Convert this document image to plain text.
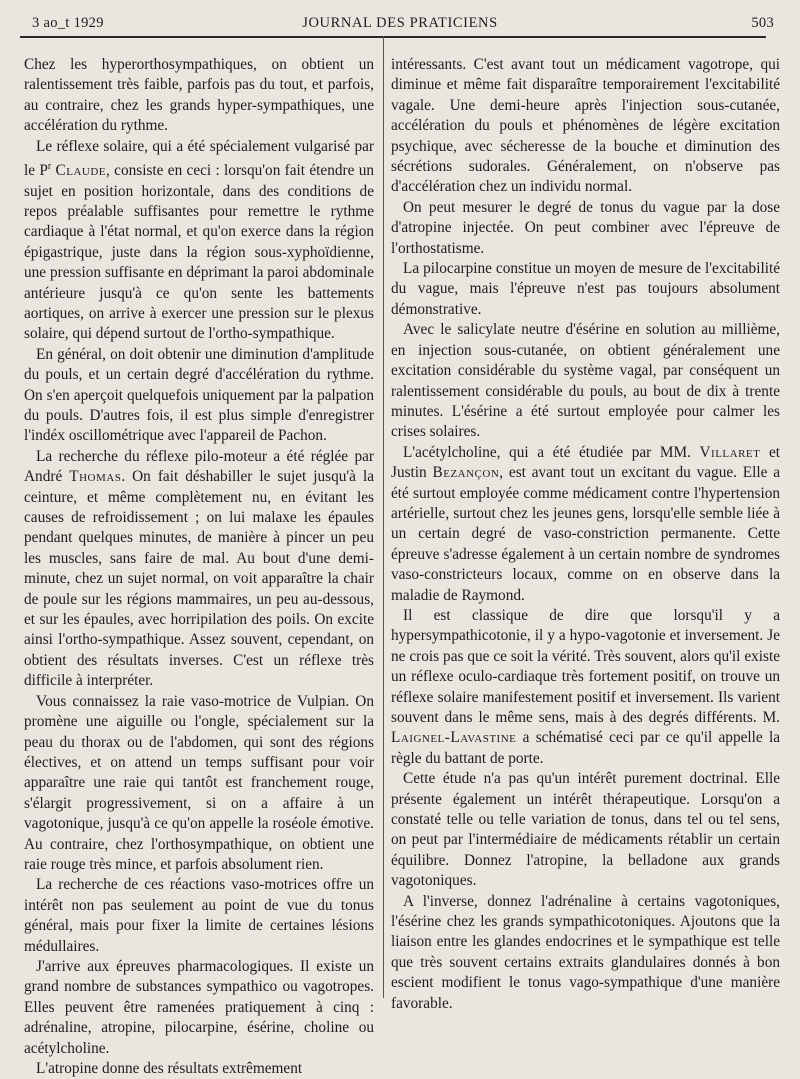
3 ao_t 1929	JOURNAL DES PRATICIENS	503

Chez les hyperorthosympathiques, on obtient un ralentissement très faible, parfois pas du tout, et parfois, au contraire, chez les grands hyper-sympathiques, une accélération du rythme.

Le réflexe solaire, qui a été spécialement vulgarisé par le $P^r$ Claude, consiste en ceci : lorsqu'on fait étendre un sujet en position horizontale, dans des conditions de repos préalable suffisantes pour remettre le rythme cardiaque à l'état normal, et qu'on exerce dans la région épigastrique, juste dans la région sous-xyphoïdienne, une pression suffisante en déprimant la paroi abdominale antérieure jusqu'à ce qu'on sente les battements aortiques, on arrive à exercer une pression sur le plexus solaire, qui dépend surtout de l'ortho-sympathique.

En général, on doit obtenir une diminution d'amplitude du pouls, et un certain degré d'accélération du rythme. On s'en aperçoit quelquefois uniquement par la palpation du pouls. D'autres fois, il est plus simple d'enregistrer l'indéx oscillométrique avec l'appareil de Pachon.

La recherche du réflexe pilo-moteur a été réglée par André Thomas. On fait déshabiller le sujet jusqu'à la ceinture, et même complètement nu, en évitant les causes de refroidissement ; on lui malaxe les épaules pendant quelques minutes, de manière à pincer un peu les muscles, sans faire de mal. Au bout d'une demi-minute, chez un sujet normal, on voit apparaître la chair de poule sur les régions mammaires, un peu au-dessous, et sur les épaules, avec horripilation des poils. On excite ainsi l'ortho-sympathique. Assez souvent, cependant, on obtient des résultats inverses. C'est un réflexe très difficile à interpréter.

Vous connaissez la raie vaso-motrice de Vulpian. On promène une aiguille ou l'ongle, spécialement sur la peau du thorax ou de l'abdomen, qui sont des régions électives, et on attend un temps suffisant pour voir apparaître une raie qui tantôt est franchement rouge, s'élargit progressivement, si on a affaire à un vagotonique, jusqu'à ce qu'on appelle la roséole émotive. Au contraire, chez l'orthosympathique, on obtient une raie rouge très mince, et parfois absolument rien.

La recherche de ces réactions vaso-motrices offre un intérêt non pas seulement au point de vue du tonus général, mais pour fixer la limite de certaines lésions médullaires.

J'arrive aux épreuves pharmacologiques. Il existe un grand nombre de substances sympathico ou vagotropes. Elles peuvent être ramenées pratiquement à cinq : adrénaline, atropine, pilocarpine, ésérine, choline ou acétylcholine.

L'atropine donne des résultats extrêmement

intéressants. C'est avant tout un médicament vagotrope, qui diminue et même fait disparaître temporairement l'excitabilité vagale. Une demi-heure après l'injection sous-cutanée, accélération du pouls et phénomènes de légère excitation psychique, avec sécheresse de la bouche et diminution des sécrétions sudorales. Généralement, on n'observe pas d'accélération chez un individu normal.

On peut mesurer le degré de tonus du vague par la dose d'atropine injectée. On peut combiner avec l'épreuve de l'orthostatisme.

La pilocarpine constitue un moyen de mesure de l'excitabilité du vague, mais l'épreuve n'est pas toujours absolument démonstrative.

Avec le salicylate neutre d'ésérine en solution au millième, en injection sous-cutanée, on obtient généralement une excitation considérable du système vagal, par conséquent un ralentissement considérable du pouls, au bout de dix à trente minutes. L'ésérine a été surtout employée pour calmer les crises solaires.

L'acétylcholine, qui a été étudiée par MM. Villaret et Justin Bezançon, est avant tout un excitant du vague. Elle a été surtout employée comme médicament contre l'hypertension artérielle, surtout chez les jeunes gens, lorsqu'elle semble liée à un certain degré de vaso-constriction permanente. Cette épreuve s'adresse également à un certain nombre de syndromes vaso-constricteurs locaux, comme on en observe dans la maladie de Raymond.

Il est classique de dire que lorsqu'il y a hypersympathicotonie, il y a hypo-vagotonie et inversement. Je ne crois pas que ce soit la vérité. Très souvent, alors qu'il existe un réflexe oculo-cardiaque très fortement positif, on trouve un réflexe solaire manifestement positif et inversement. Ils varient souvent dans le même sens, mais à des degrés différents. M. Laignel-Lavastine a schématisé ceci par ce qu'il appelle la règle du battant de porte.

Cette étude n'a pas qu'un intérêt purement doctrinal. Elle présente également un intérêt thérapeutique. Lorsqu'on a constaté telle ou telle variation de tonus, dans tel ou tel sens, on peut par l'intermédiaire de médicaments rétablir un certain équilibre. Donnez l'atropine, la belladone aux grands vagotoniques.

A l'inverse, donnez l'adrénaline à certains vagotoniques, l'ésérine chez les grands sympathicotoniques. Ajoutons que la liaison entre les glandes endocrines et le sympathique est telle que très souvent certains extraits glandulaires donnés à bon escient modifient le tonus vago-sympathique d'une manière favorable.
